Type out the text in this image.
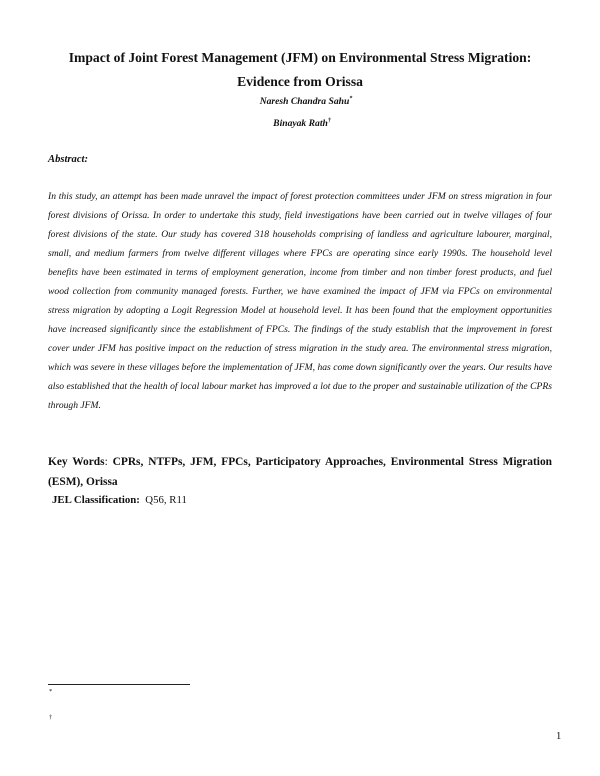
Impact of Joint Forest Management (JFM) on Environmental Stress Migration:
Evidence from Orissa
Naresh Chandra Sahu*
Binayak Rath†
Abstract:

In this study, an attempt has been made unravel the impact of forest protection committees under JFM on stress migration in four forest divisions of Orissa. In order to undertake this study, field investigations have been carried out in twelve villages of four forest divisions of the state. Our study has covered 318 households comprising of landless and agriculture labourer, marginal, small, and medium farmers from twelve different villages where FPCs are operating since early 1990s. The household level benefits have been estimated in terms of employment generation, income from timber and non timber forest products, and fuel wood collection from community managed forests. Further, we have examined the impact of JFM via FPCs on environmental stress migration by adopting a Logit Regression Model at household level. It has been found that the employment opportunities have increased significantly since the establishment of FPCs. The findings of the study establish that the improvement in forest cover under JFM has positive impact on the reduction of stress migration in the study area. The environmental stress migration, which was severe in these villages before the implementation of JFM, has come down significantly over the years. Our results have also established that the health of local labour market has improved a lot due to the proper and sustainable utilization of the CPRs through JFM.

Key Words: CPRs, NTFPs, JFM, FPCs, Participatory Approaches, Environmental Stress Migration (ESM), Orissa

JEL Classification: Q56, R11
*
†
1
